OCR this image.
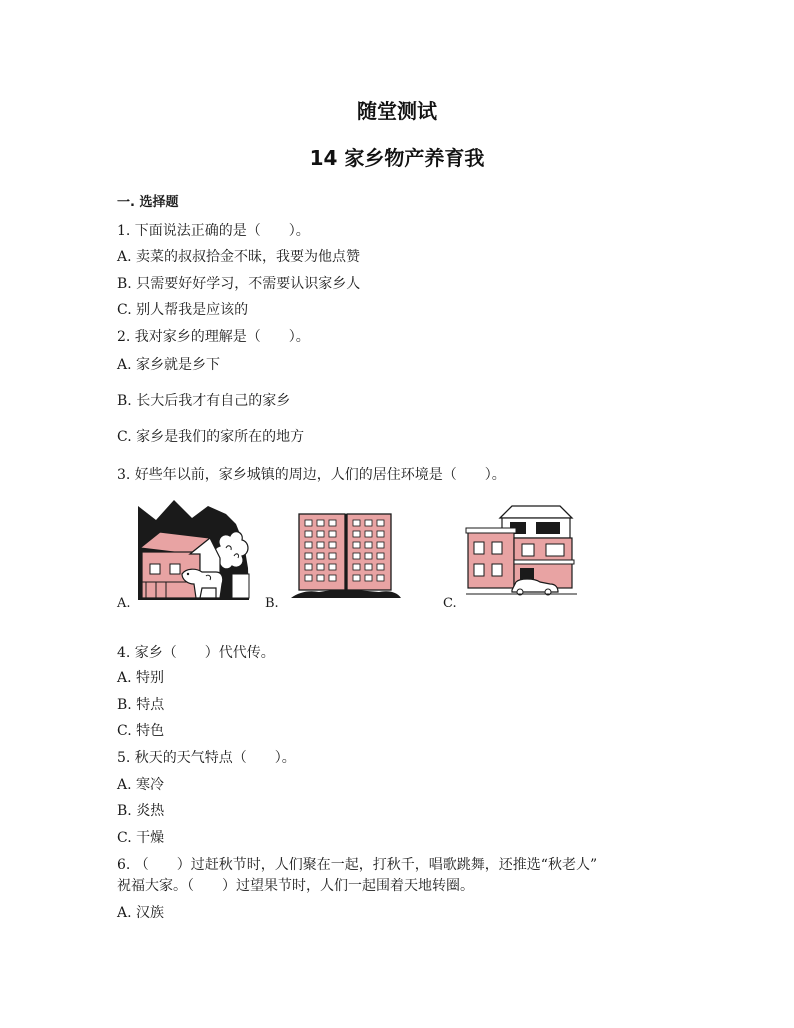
随堂测试
14 家乡物产养育我
一. 选择题
1. 下面说法正确的是（　　）。
A. 卖菜的叔叔拾金不昧，我要为他点赞
B. 只需要好好学习，不需要认识家乡人
C. 别人帮我是应该的
2. 我对家乡的理解是（　　）。
A. 家乡就是乡下
B. 长大后我才有自己的家乡
C. 家乡是我们的家所在的地方
3. 好些年以前，家乡城镇的周边，人们的居住环境是（　　）。
A.	B.	C.
4. 家乡（　　）代代传。
A. 特别
B. 特点
C. 特色
5. 秋天的天气特点（　　）。
A. 寒冷
B. 炎热
C. 干燥
6. （　　）过赶秋节时，人们聚在一起，打秋千，唱歌跳舞，还推选“秋老人”
祝福大家。（　　）过望果节时，人们一起围着天地转圈。
A. 汉族
